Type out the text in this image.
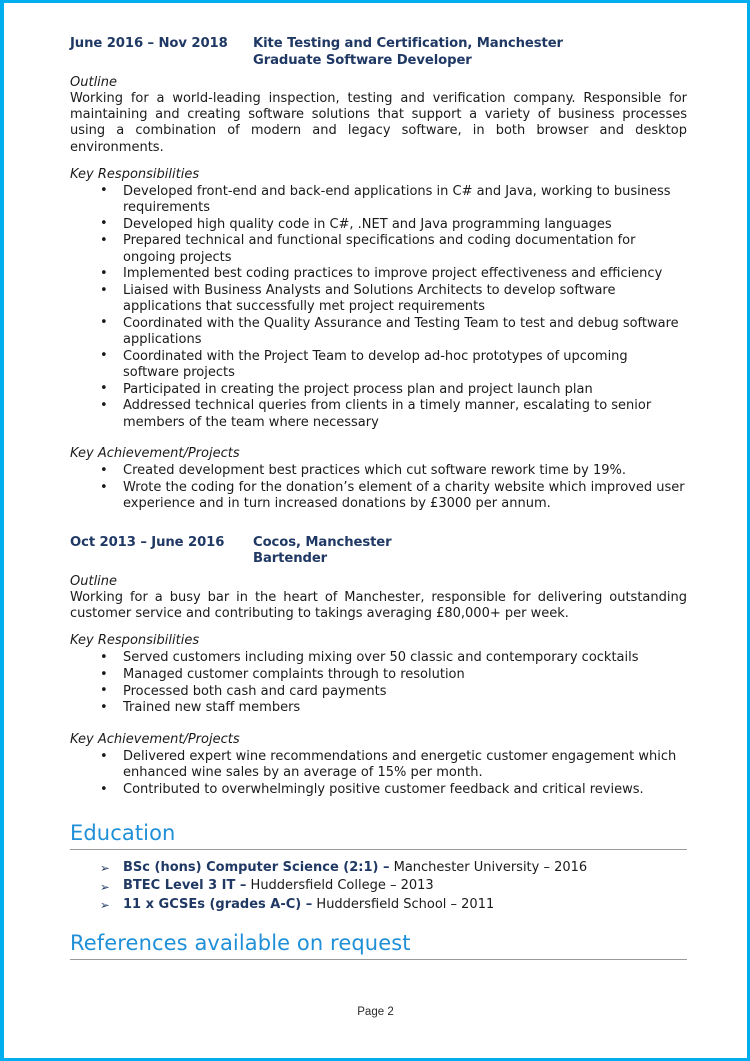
June 2016 – Nov 2018	Kite Testing and Certification, Manchester
Graduate Software Developer
Outline
Working for a world-leading inspection, testing and verification company. Responsible for maintaining and creating software solutions that support a variety of business processes using a combination of modern and legacy software, in both browser and desktop environments.
Key Responsibilities
• Developed front-end and back-end applications in C# and Java, working to business requirements
• Developed high quality code in C#, .NET and Java programming languages
• Prepared technical and functional specifications and coding documentation for ongoing projects
• Implemented best coding practices to improve project effectiveness and efficiency
• Liaised with Business Analysts and Solutions Architects to develop software applications that successfully met project requirements
• Coordinated with the Quality Assurance and Testing Team to test and debug software applications
• Coordinated with the Project Team to develop ad-hoc prototypes of upcoming software projects
• Participated in creating the project process plan and project launch plan
• Addressed technical queries from clients in a timely manner, escalating to senior members of the team where necessary
Key Achievement/Projects
• Created development best practices which cut software rework time by 19%.
• Wrote the coding for the donation’s element of a charity website which improved user experience and in turn increased donations by £3000 per annum.
Oct 2013 – June 2016	Cocos, Manchester
Bartender
Outline
Working for a busy bar in the heart of Manchester, responsible for delivering outstanding customer service and contributing to takings averaging £80,000+ per week.
Key Responsibilities
• Served customers including mixing over 50 classic and contemporary cocktails
• Managed customer complaints through to resolution
• Processed both cash and card payments
• Trained new staff members
Key Achievement/Projects
• Delivered expert wine recommendations and energetic customer engagement which enhanced wine sales by an average of 15% per month.
• Contributed to overwhelmingly positive customer feedback and critical reviews.
Education
➢ BSc (hons) Computer Science (2:1) – Manchester University – 2016
➢ BTEC Level 3 IT – Huddersfield College – 2013
➢ 11 x GCSEs (grades A-C) – Huddersfield School – 2011
References available on request
Page 2
